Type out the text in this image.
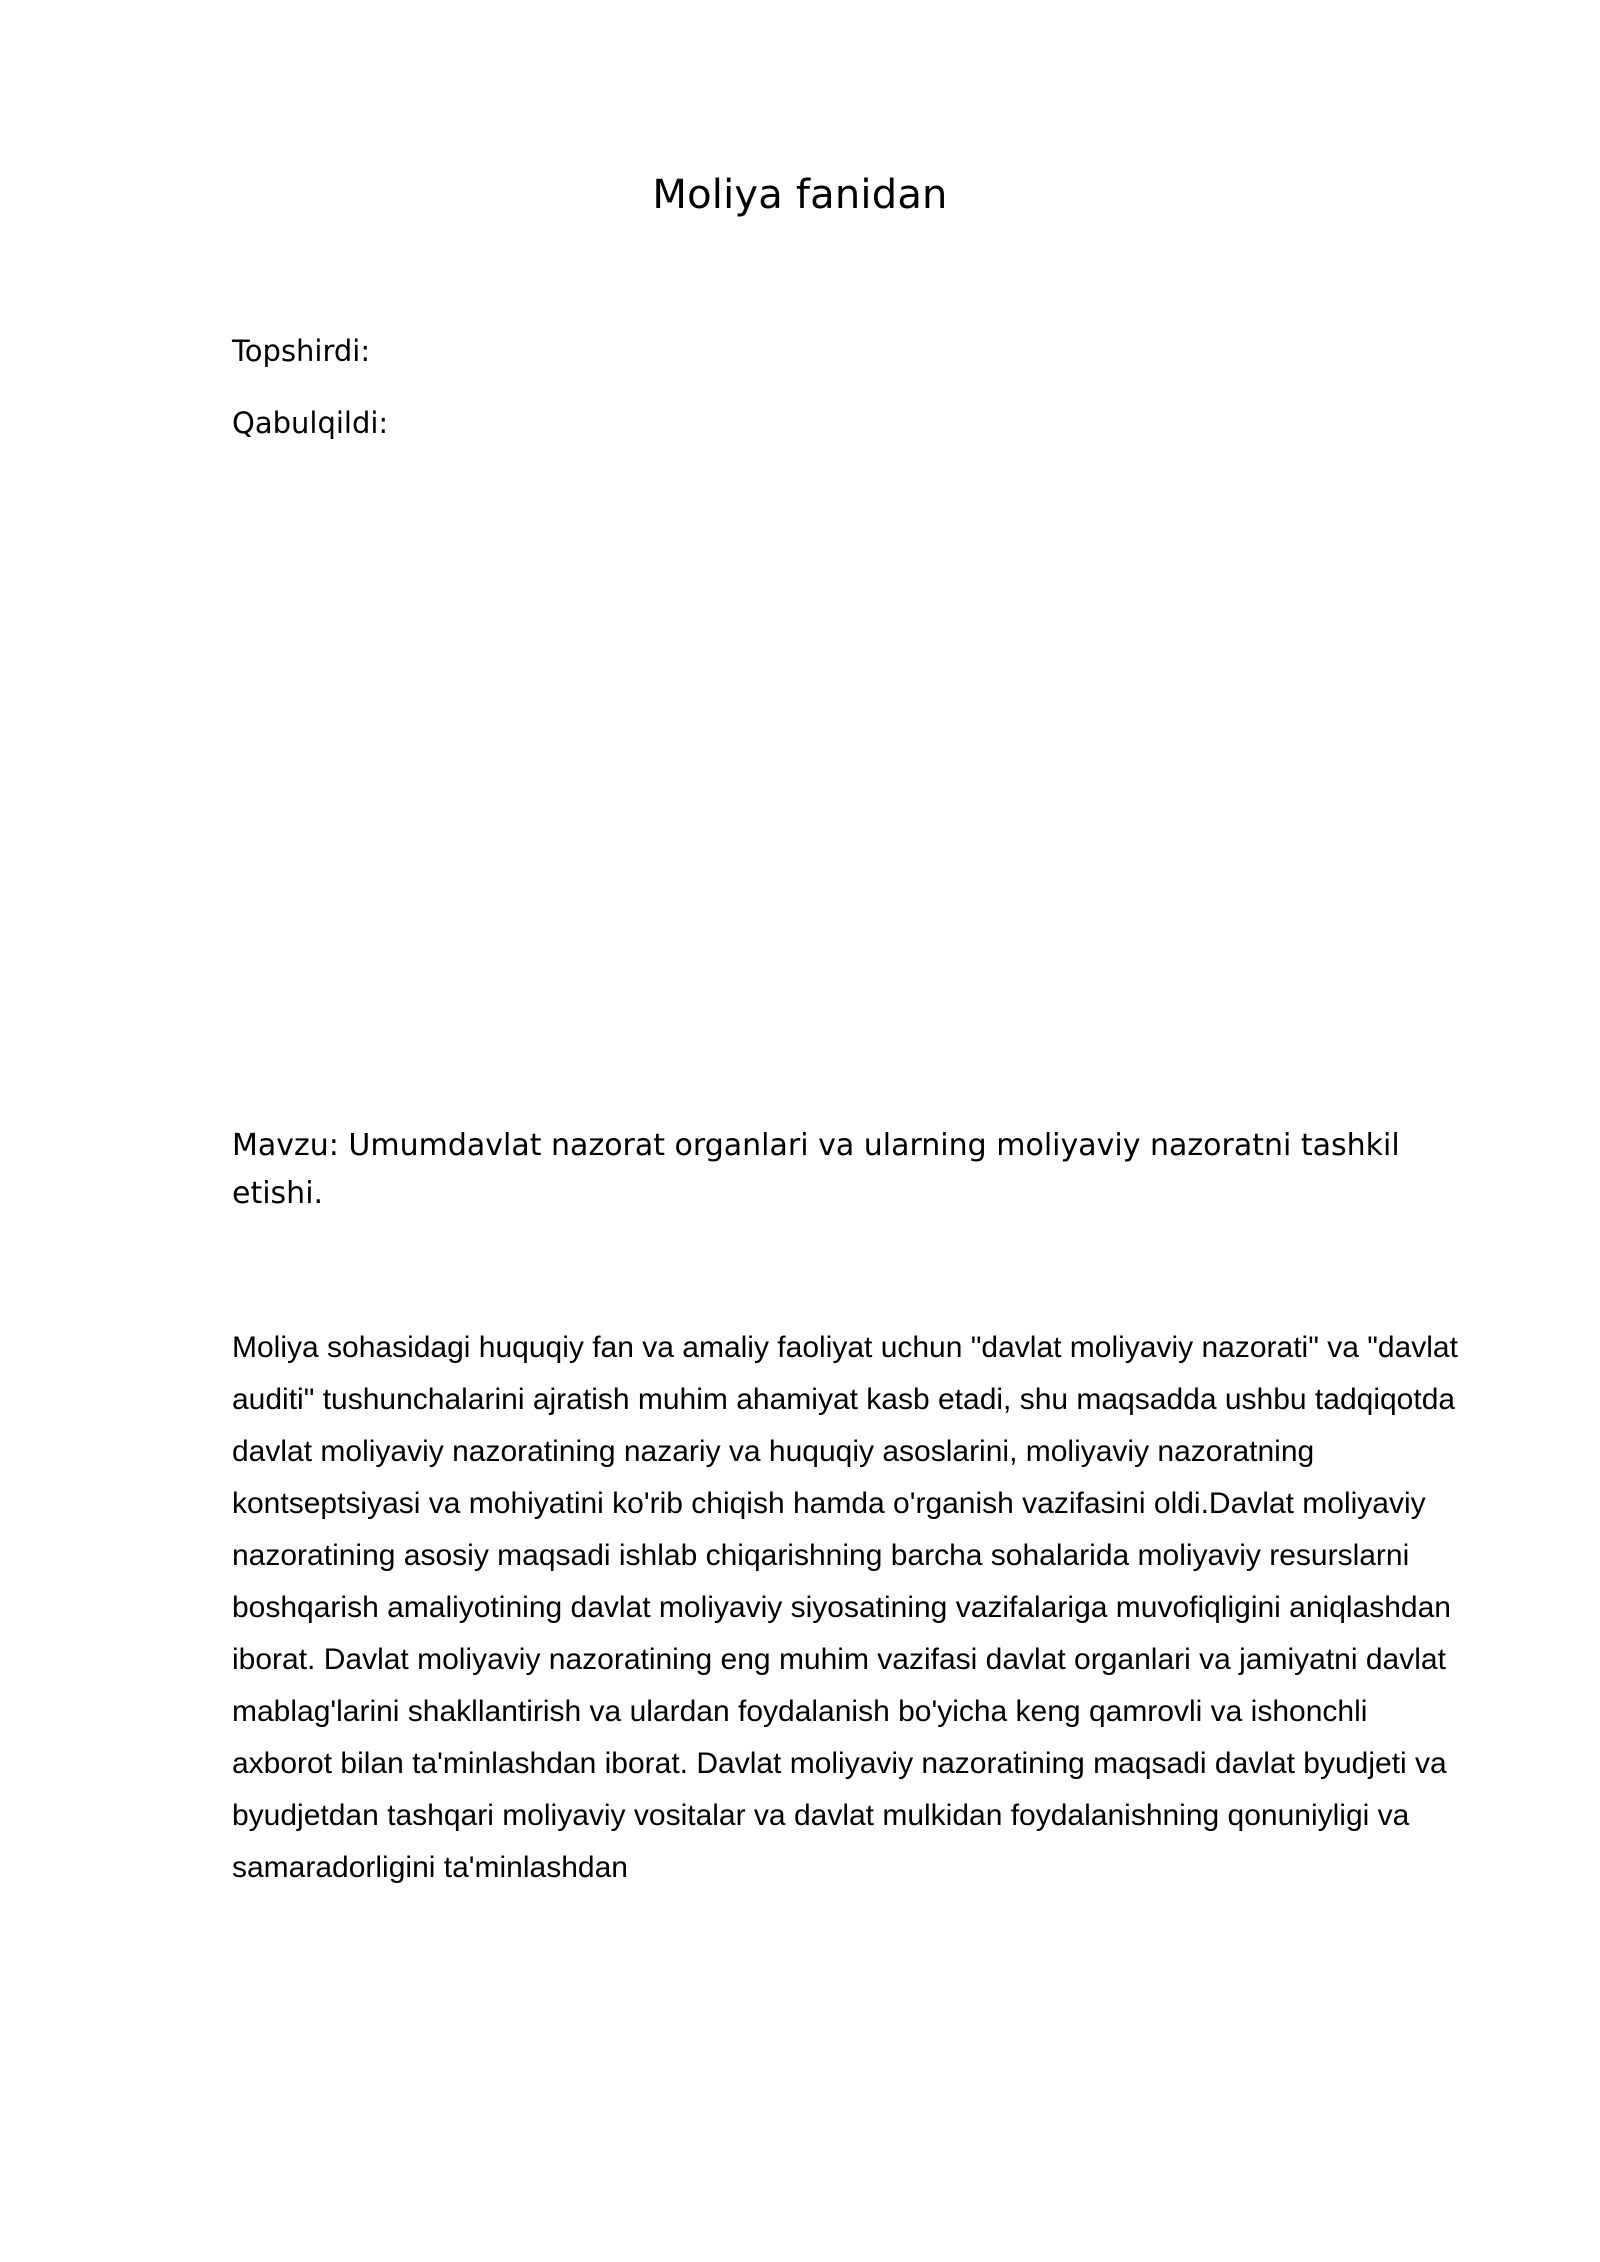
Moliya fanidan
Topshirdi:
Qabulqildi:
Mavzu: Umumdavlat nazorat organlari va ularning moliyaviy nazoratni tashkil etishi.
Moliya sohasidagi huquqiy fan va amaliy faoliyat uchun "davlat moliyaviy nazorati" va "davlat auditi" tushunchalarini ajratish muhim ahamiyat kasb etadi, shu maqsadda ushbu tadqiqotda davlat moliyaviy nazoratining nazariy va huquqiy asoslarini, moliyaviy nazoratning kontseptsiyasi va mohiyatini ko'rib chiqish hamda o'rganish vazifasini oldi.Davlat moliyaviy nazoratining asosiy maqsadi ishlab chiqarishning barcha sohalarida moliyaviy resurslarni boshqarish amaliyotining davlat moliyaviy siyosatining vazifalariga muvofiqligini aniqlashdan iborat. Davlat moliyaviy nazoratining eng muhim vazifasi davlat organlari va jamiyatni davlat mablag'larini shakllantirish va ulardan foydalanish bo'yicha keng qamrovli va ishonchli axborot bilan ta'minlashdan iborat. Davlat moliyaviy nazoratining maqsadi davlat byudjeti va byudjetdan tashqari moliyaviy vositalar va davlat mulkidan foydalanishning qonuniyligi va samaradorligini ta'minlashdan
